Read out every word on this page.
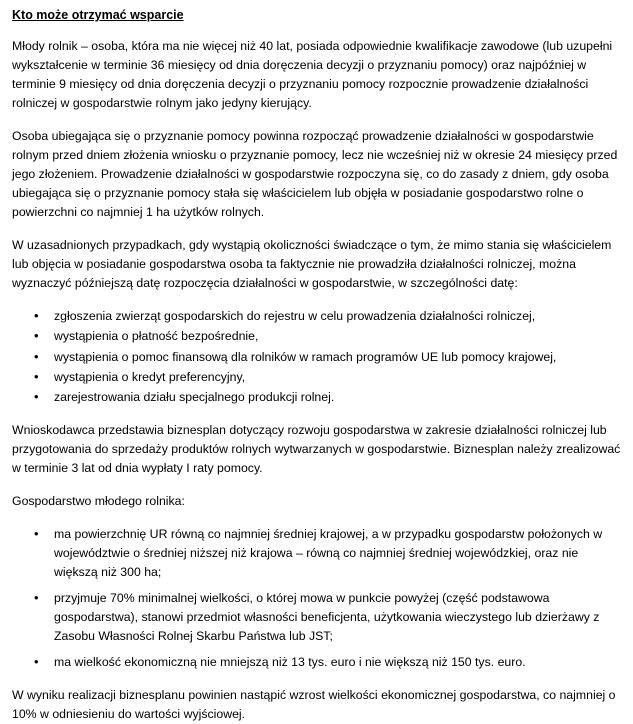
Kto może otrzymać wsparcie

Młody rolnik – osoba, która ma nie więcej niż 40 lat, posiada odpowiednie kwalifikacje zawodowe (lub uzupełni wykształcenie w terminie 36 miesięcy od dnia doręczenia decyzji o przyznaniu pomocy) oraz najpóźniej w terminie 9 miesięcy od dnia doręczenia decyzji o przyznaniu pomocy rozpocznie prowadzenie działalności rolniczej w gospodarstwie rolnym jako jedyny kierujący.

Osoba ubiegająca się o przyznanie pomocy powinna rozpocząć prowadzenie działalności w gospodarstwie rolnym przed dniem złożenia wniosku o przyznanie pomocy, lecz nie wcześniej niż w okresie 24 miesięcy przed jego złożeniem. Prowadzenie działalności w gospodarstwie rozpoczyna się, co do zasady z dniem, gdy osoba ubiegająca się o przyznanie pomocy stała się właścicielem lub objęła w posiadanie gospodarstwo rolne o powierzchni co najmniej 1 ha użytków rolnych.

W uzasadnionych przypadkach, gdy wystąpią okoliczności świadczące o tym, że mimo stania się właścicielem lub objęcia w posiadanie gospodarstwa osoba ta faktycznie nie prowadziła działalności rolniczej, można wyznaczyć późniejszą datę rozpoczęcia działalności w gospodarstwie, w szczególności datę:

• zgłoszenia zwierząt gospodarskich do rejestru w celu prowadzenia działalności rolniczej,
• wystąpienia o płatność bezpośrednie,
• wystąpienia o pomoc finansową dla rolników w ramach programów UE lub pomocy krajowej,
• wystąpienia o kredyt preferencyjny,
• zarejestrowania działu specjalnego produkcji rolnej.

Wnioskodawca przedstawia biznesplan dotyczący rozwoju gospodarstwa w zakresie działalności rolniczej lub przygotowania do sprzedaży produktów rolnych wytwarzanych w gospodarstwie. Biznesplan należy zrealizować w terminie 3 lat od dnia wypłaty I raty pomocy.

Gospodarstwo młodego rolnika:

• ma powierzchnię UR równą co najmniej średniej krajowej, a w przypadku gospodarstw położonych w województwie o średniej niższej niż krajowa – równą co najmniej średniej wojewódzkiej, oraz nie większą niż 300 ha;
• przyjmuje 70% minimalnej wielkości, o której mowa w punkcie powyżej (część podstawowa gospodarstwa), stanowi przedmiot własności beneficjenta, użytkowania wieczystego lub dzierżawy z Zasobu Własności Rolnej Skarbu Państwa lub JST;
• ma wielkość ekonomiczną nie mniejszą niż 13 tys. euro i nie większą niż 150 tys. euro.

W wyniku realizacji biznesplanu powinien nastąpić wzrost wielkości ekonomicznej gospodarstwa, co najmniej o 10% w odniesieniu do wartości wyjściowej.
